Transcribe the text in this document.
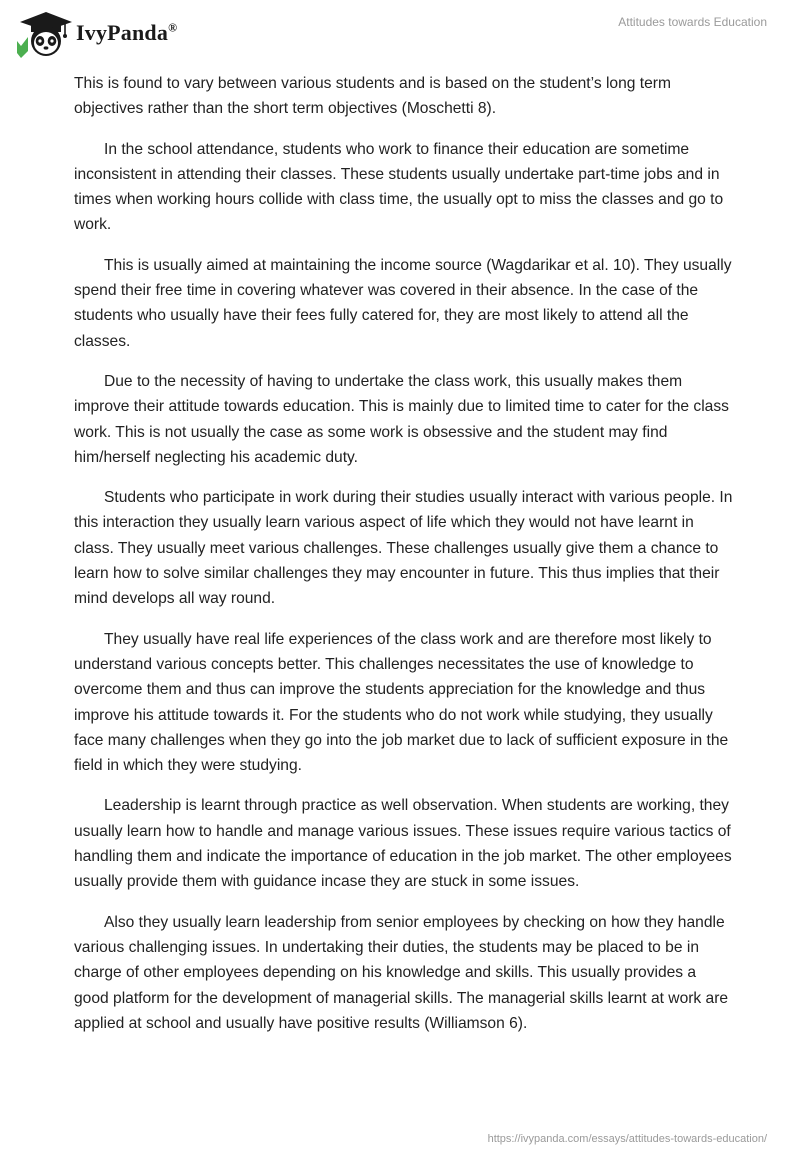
IvyPanda®	Attitudes towards Education

This is found to vary between various students and is based on the student’s long term objectives rather than the short term objectives (Moschetti 8).

In the school attendance, students who work to finance their education are sometime inconsistent in attending their classes. These students usually undertake part-time jobs and in times when working hours collide with class time, the usually opt to miss the classes and go to work.

This is usually aimed at maintaining the income source (Wagdarikar et al. 10). They usually spend their free time in covering whatever was covered in their absence. In the case of the students who usually have their fees fully catered for, they are most likely to attend all the classes.

Due to the necessity of having to undertake the class work, this usually makes them improve their attitude towards education. This is mainly due to limited time to cater for the class work. This is not usually the case as some work is obsessive and the student may find him/herself neglecting his academic duty.

Students who participate in work during their studies usually interact with various people. In this interaction they usually learn various aspect of life which they would not have learnt in class. They usually meet various challenges. These challenges usually give them a chance to learn how to solve similar challenges they may encounter in future. This thus implies that their mind develops all way round.

They usually have real life experiences of the class work and are therefore most likely to understand various concepts better. This challenges necessitates the use of knowledge to overcome them and thus can improve the students appreciation for the knowledge and thus improve his attitude towards it. For the students who do not work while studying, they usually face many challenges when they go into the job market due to lack of sufficient exposure in the field in which they were studying.

Leadership is learnt through practice as well observation. When students are working, they usually learn how to handle and manage various issues. These issues require various tactics of handling them and indicate the importance of education in the job market. The other employees usually provide them with guidance incase they are stuck in some issues.

Also they usually learn leadership from senior employees by checking on how they handle various challenging issues. In undertaking their duties, the students may be placed to be in charge of other employees depending on his knowledge and skills. This usually provides a good platform for the development of managerial skills. The managerial skills learnt at work are applied at school and usually have positive results (Williamson 6).

https://ivypanda.com/essays/attitudes-towards-education/
